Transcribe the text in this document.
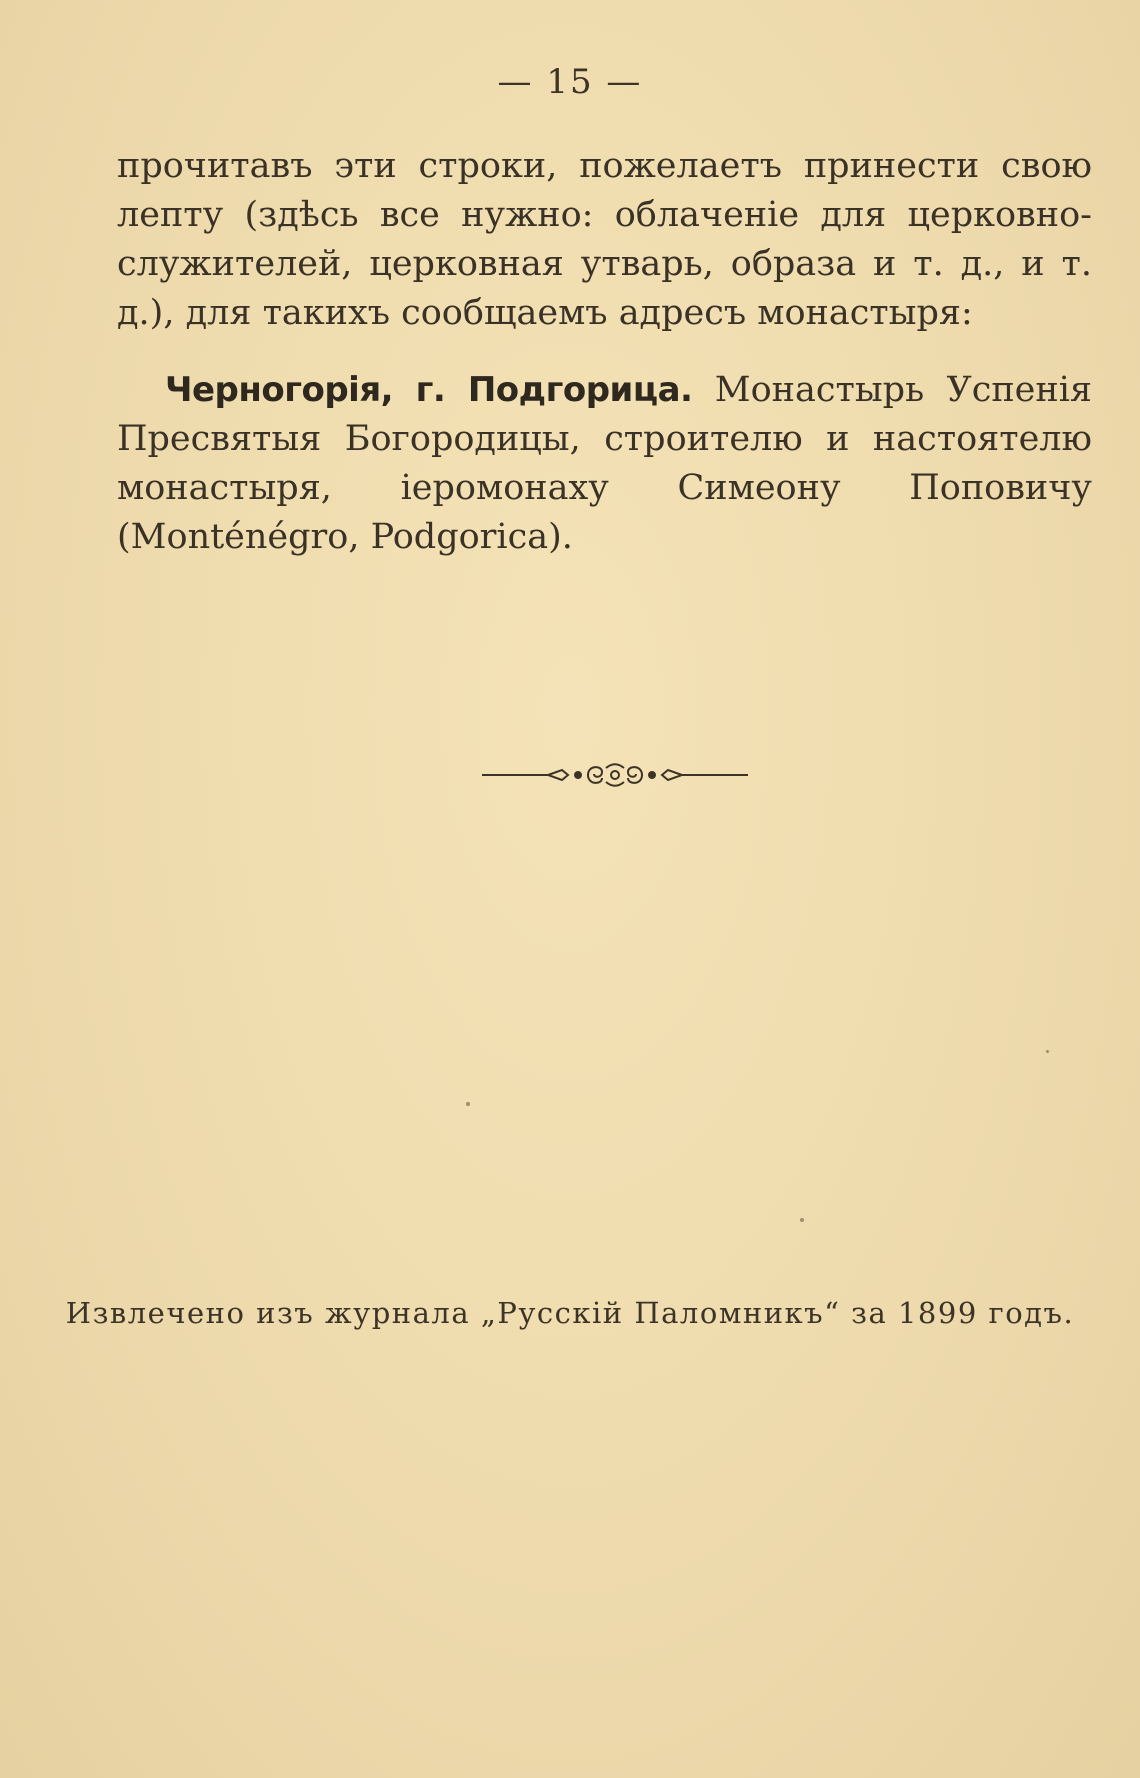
— 15 —

прочитавъ эти строки, пожелаетъ принести свою лепту (здѣсь все нужно: облаченіе для церковно-служителей, церковная утварь, образа и т. д., и т. д.), для такихъ сообщаемъ адресъ монастыря:

Черногорія, г. Подгорица. Монастырь Успенія Пресвятыя Богородицы, строителю и настоятелю монастыря, іеромонаху Симеону Поповичу (Monténégro, Podgorica).

Извлечено изъ журнала „Русскій Паломникъ“ за 1899 годъ.
